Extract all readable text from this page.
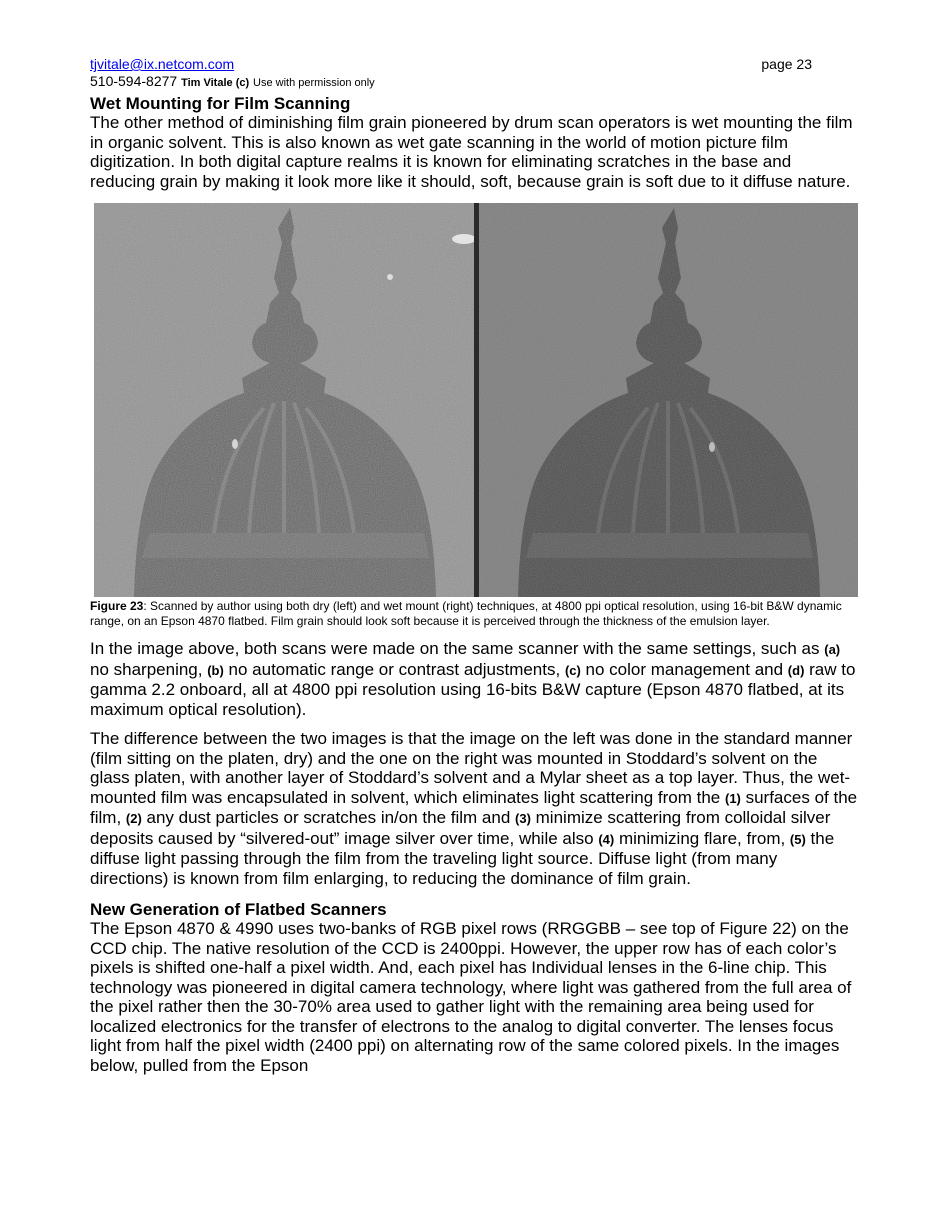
tjvitale@ix.netcom.com	page 23
510-594-8277 Tim Vitale (c) Use with permission only
Wet Mounting for Film Scanning

The other method of diminishing film grain pioneered by drum scan operators is wet mounting the film in organic solvent. This is also known as wet gate scanning in the world of motion picture film digitization. In both digital capture realms it is known for eliminating scratches in the base and reducing grain by making it look more like it should, soft, because grain is soft due to it diffuse nature.

Figure 23: Scanned by author using both dry (left) and wet mount (right) techniques, at 4800 ppi optical resolution, using 16-bit B&W dynamic range, on an Epson 4870 flatbed. Film grain should look soft because it is perceived through the thickness of the emulsion layer.

In the image above, both scans were made on the same scanner with the same settings, such as (a) no sharpening, (b) no automatic range or contrast adjustments, (c) no color management and (d) raw to gamma 2.2 onboard, all at 4800 ppi resolution using 16-bits B&W capture (Epson 4870 flatbed, at its maximum optical resolution).

The difference between the two images is that the image on the left was done in the standard manner (film sitting on the platen, dry) and the one on the right was mounted in Stoddard’s solvent on the glass platen, with another layer of Stoddard’s solvent and a Mylar sheet as a top layer. Thus, the wet-mounted film was encapsulated in solvent, which eliminates light scattering from the (1) surfaces of the film, (2) any dust particles or scratches in/on the film and (3) minimize scattering from colloidal silver deposits caused by “silvered-out” image silver over time, while also (4) minimizing flare, from, (5) the diffuse light passing through the film from the traveling light source. Diffuse light (from many directions) is known from film enlarging, to reducing the dominance of film grain.

New Generation of Flatbed Scanners

The Epson 4870 & 4990 uses two-banks of RGB pixel rows (RRGGBB – see top of Figure 22) on the CCD chip. The native resolution of the CCD is 2400ppi. However, the upper row has of each color’s pixels is shifted one-half a pixel width. And, each pixel has Individual lenses in the 6-line chip. This technology was pioneered in digital camera technology, where light was gathered from the full area of the pixel rather then the 30-70% area used to gather light with the remaining area being used for localized electronics for the transfer of electrons to the analog to digital converter. The lenses focus light from half the pixel width (2400 ppi) on alternating row of the same colored pixels. In the images below, pulled from the Epson
